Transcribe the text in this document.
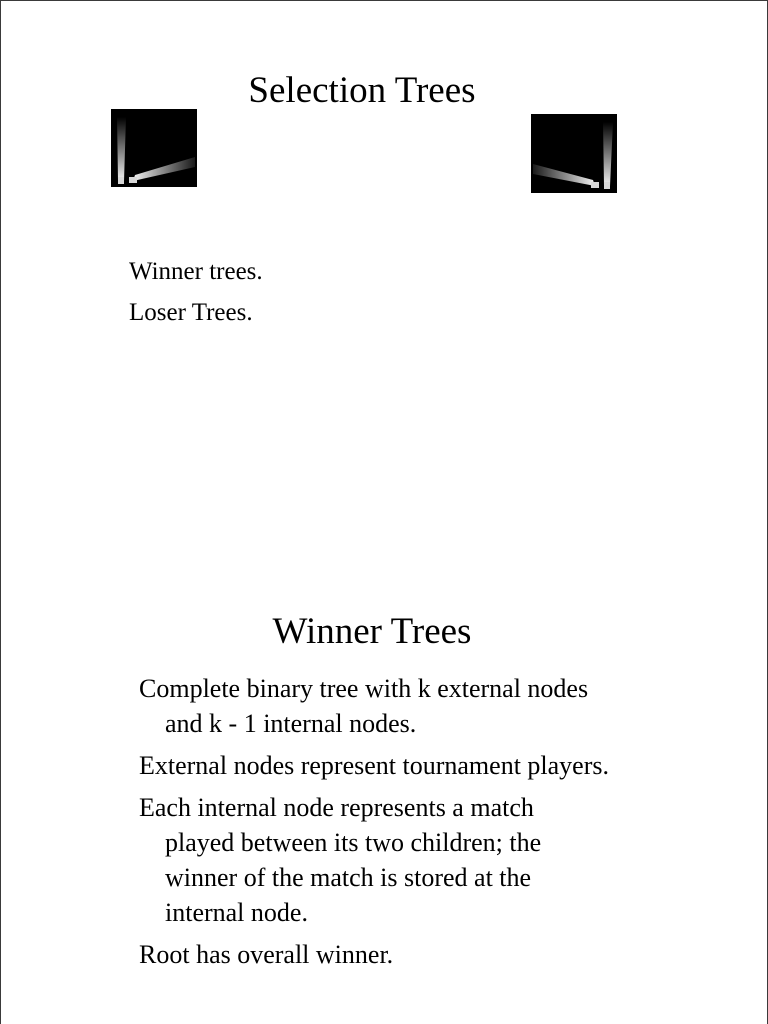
Selection Trees
Winner trees.
Loser Trees.
Winner Trees
Complete binary tree with k external nodes and k - 1 internal nodes.
External nodes represent tournament players.
Each internal node represents a match played between its two children; the winner of the match is stored at the internal node.
Root has overall winner.
